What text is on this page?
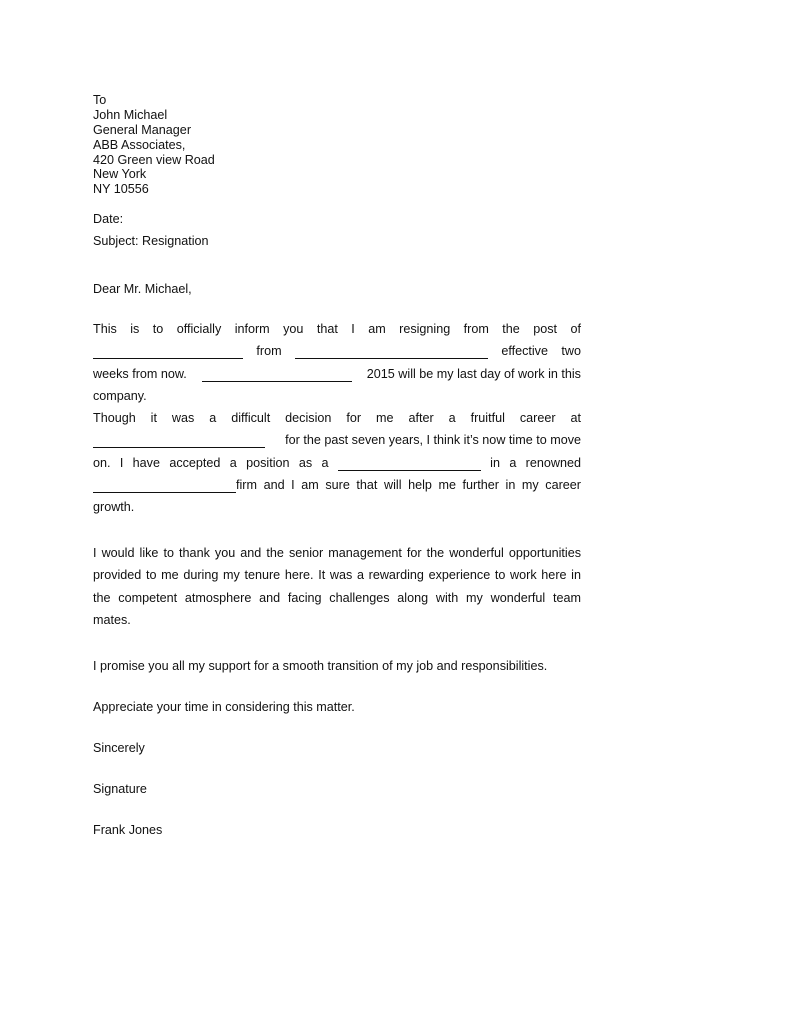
To
John Michael
General Manager
ABB Associates,
420 Green view Road
New York
NY 10556
Date:
Subject: Resignation
Dear Mr. Michael,
This is to officially inform you that I am resigning from the post of
from	effective two
weeks from now.	2015 will be my last day of work in this
company.
Though it was a difficult decision for me after a fruitful career at
for the past seven years, I think it’s now time to move
on. I have accepted a position as a	in a renowned
firm and I am sure that will help me further in my career
growth.
I would like to thank you and the senior management for the wonderful opportunities
provided to me during my tenure here. It was a rewarding experience to work here in
the competent atmosphere and facing challenges along with my wonderful team
mates.
I promise you all my support for a smooth transition of my job and responsibilities.
Appreciate your time in considering this matter.
Sincerely
Signature
Frank Jones
